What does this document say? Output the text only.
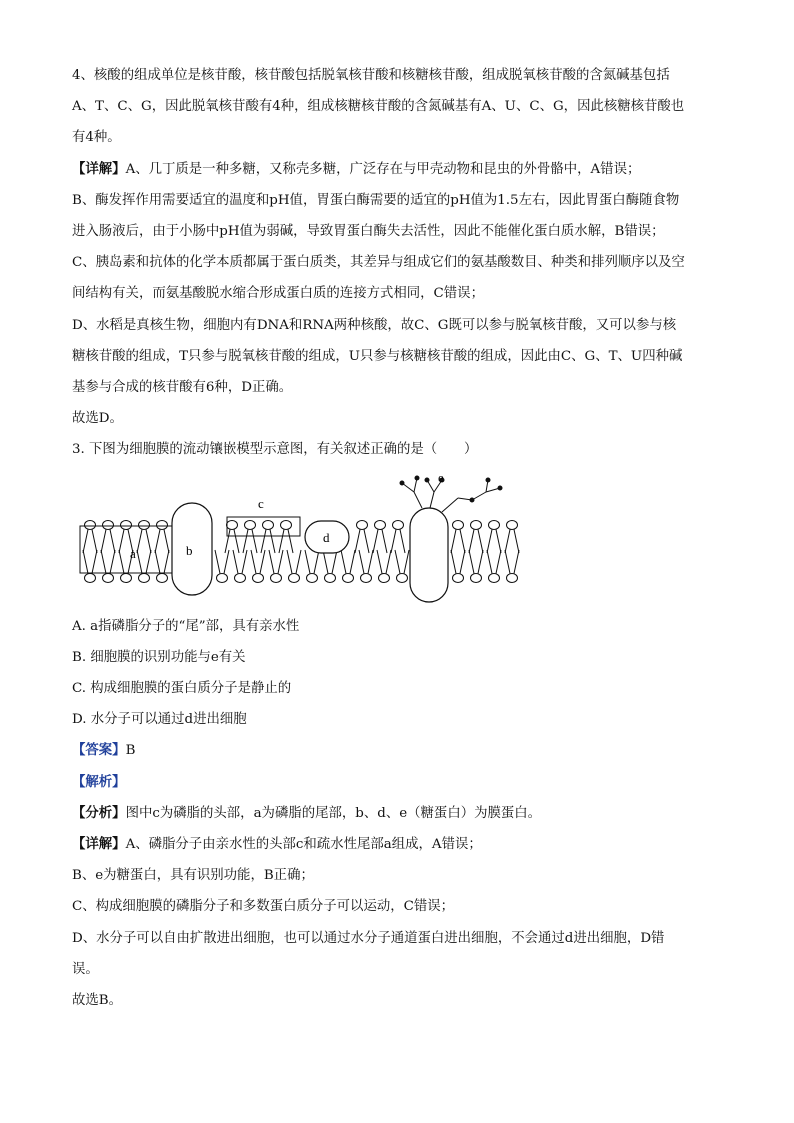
4、核酸的组成单位是核苷酸，核苷酸包括脱氧核苷酸和核糖核苷酸，组成脱氧核苷酸的含氮碱基包括
A、T、C、G，因此脱氧核苷酸有4种，组成核糖核苷酸的含氮碱基有A、U、C、G，因此核糖核苷酸也
有4种。
【详解】A、几丁质是一种多糖，又称壳多糖，广泛存在与甲壳动物和昆虫的外骨骼中，A错误；
B、酶发挥作用需要适宜的温度和pH值，胃蛋白酶需要的适宜的pH值为1.5左右，因此胃蛋白酶随食物
进入肠液后，由于小肠中pH值为弱碱，导致胃蛋白酶失去活性，因此不能催化蛋白质水解，B错误；
C、胰岛素和抗体的化学本质都属于蛋白质类，其差异与组成它们的氨基酸数目、种类和排列顺序以及空
间结构有关，而氨基酸脱水缩合形成蛋白质的连接方式相同，C错误；
D、水稻是真核生物，细胞内有DNA和RNA两种核酸，故C、G既可以参与脱氧核苷酸，又可以参与核
糖核苷酸的组成，T只参与脱氧核苷酸的组成，U只参与核糖核苷酸的组成，因此由C、G、T、U四种碱
基参与合成的核苷酸有6种，D正确。
故选D。
3. 下图为细胞膜的流动镶嵌模型示意图，有关叙述正确的是（　　）
A. a指磷脂分子的“尾”部，具有亲水性
B. 细胞膜的识别功能与e有关
C. 构成细胞膜的蛋白质分子是静止的
D. 水分子可以通过d进出细胞
【答案】B
【解析】
【分析】图中c为磷脂的头部，a为磷脂的尾部，b、d、e（糖蛋白）为膜蛋白。
【详解】A、磷脂分子由亲水性的头部c和疏水性尾部a组成，A错误；
B、e为糖蛋白，具有识别功能，B正确；
C、构成细胞膜的磷脂分子和多数蛋白质分子可以运动，C错误；
D、水分子可以自由扩散进出细胞，也可以通过水分子通道蛋白进出细胞，不会通过d进出细胞，D错
误。
故选B。
a	b
c
d
e
